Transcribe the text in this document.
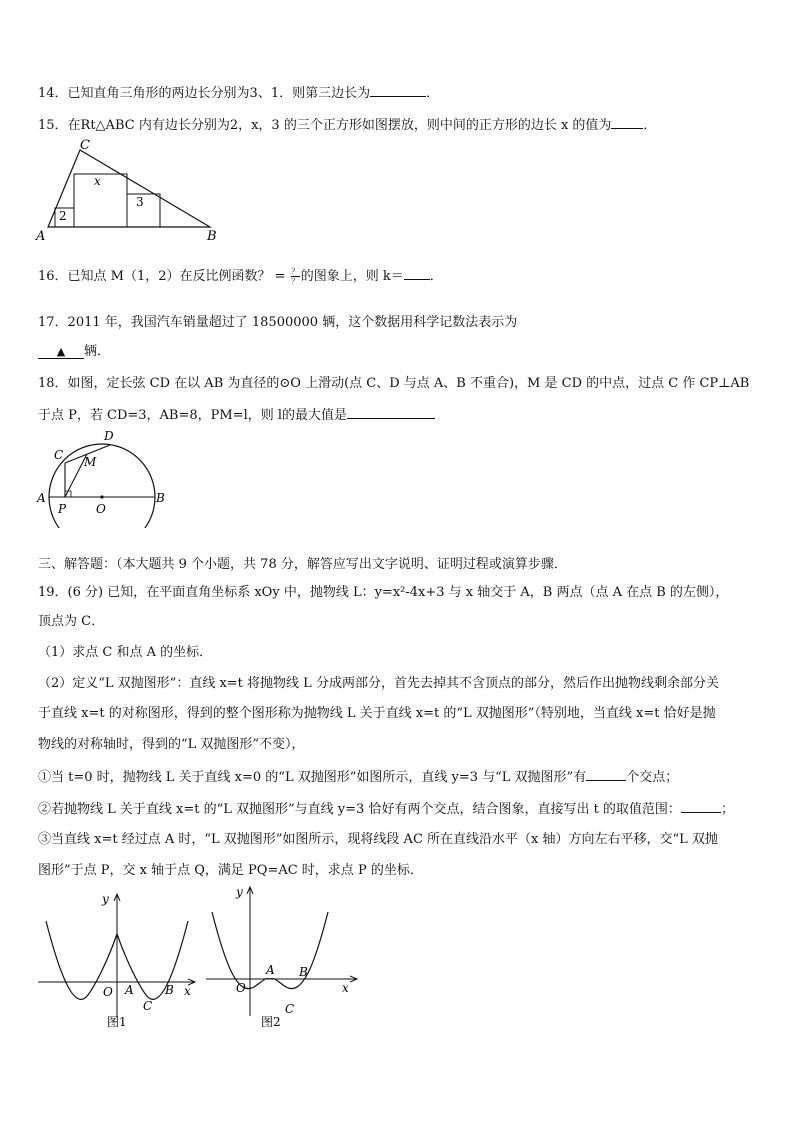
14．已知直角三角形的两边长分别为3、1．则第三边长为	．
15．在Rt△ABC 内有边长分别为2，x，3 的三个正方形如图摆放，则中间的正方形的边长 x 的值为 ．
2
x
3
C
A	B
16．已知点 M（1，2）在反比例函数？ = ？
？ 的图象上，则 k＝ ．
17．2011 年，我国汽车销量超过了 18500000 辆，这个数据用科学记数法表示为
▲ 辆．
18．如图，定长弦 CD 在以 AB 为直径的⊙O 上滑动(点 C、D 与点 A、B 不重合)，M 是 CD 的中点，过点 C 作 CP⊥AB
于点 P，若 CD=3，AB=8，PM=l，则 l的最大值是
D
C M
A	B
P O
三、解答题：（本大题共 9 个小题，共 78 分，解答应写出文字说明、证明过程或演算步骤．
19．(6 分) 已知，在平面直角坐标系 xOy 中，抛物线 L：y=x²-4x+3 与 x 轴交于 A，B 两点（点 A 在点 B 的左侧），
顶点为 C．
（1）求点 C 和点 A 的坐标．
（2）定义“L 双抛图形”：直线 x=t 将抛物线 L 分成两部分，首先去掉其不含顶点的部分，然后作出抛物线剩余部分关
于直线 x=t 的对称图形，得到的整个图形称为抛物线 L 关于直线 x=t 的“L 双抛图形”（特别地，当直线 x=t 恰好是抛
物线的对称轴时，得到的“L 双抛图形”不变），
①当 t=0 时，抛物线 L 关于直线 x=0 的“L 双抛图形”如图所示，直线 y=3 与“L 双抛图形”有	个交点；
②若抛物线 L 关于直线 x=t 的“L 双抛图形”与直线 y=3 恰好有两个交点，结合图象，直接写出 t 的取值范围：	；
③当直线 x=t 经过点 A 时，“L 双抛图形”如图所示，现将线段 AC 所在直线沿水平（x 轴）方向左右平移，交“L 双抛
图形”于点 P，交 x 轴于点 Q，满足 PQ=AC 时，求点 P 的坐标．
y
x
O A	B
C
图1
y
x
O
A B
C
图2
